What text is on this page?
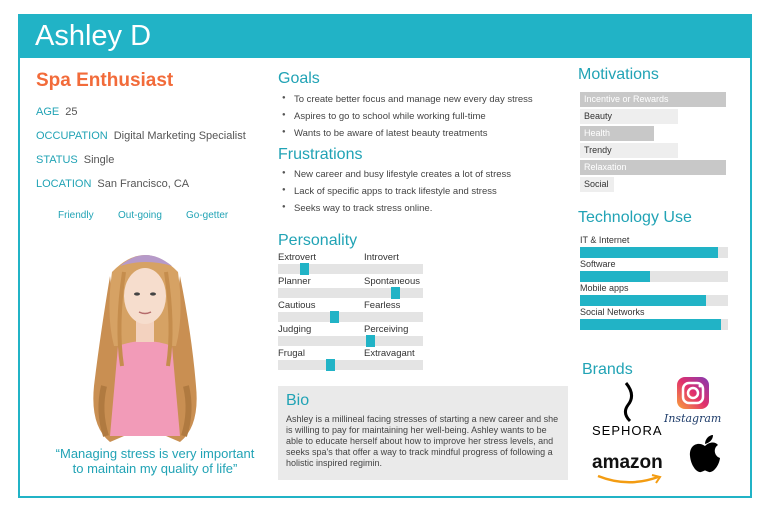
Ashley D
Spa Enthusiast
AGE 25
OCCUPATION Digital Marketing Specialist
STATUS Single
LOCATION San Francisco, CA
Friendly Out-going Go-getter
“Managing stress is very important to maintain my quality of life”
Goals
● To create better focus and manage new every day stress
● Aspires to go to school while working full-time
● Wants to be aware of latest beauty treatments
Frustrations
● New career and busy lifestyle creates a lot of stress
● Lack of specific apps to track lifestyle and stress
● Seeks way to track stress online.
Personality
Extrovert	Introvert
Planner	Spontaneous
Cautious	Fearless
Judging	Perceiving
Frugal	Extravagant
Bio

Ashley is a millineal facing stresses of starting a new career and she is willing to pay for maintaining her well-being. Ashley wants to be able to educate herself about how to improve her stress levels, and seeks spa's that offer a way to track mindful progress of following a holistic inspired regimin.

Motivations
Incentive or Rewards
Beauty
Health
Trendy
Relaxation
Social
Technology Use
IT & Internet
Software
Mobile apps
Social Networks
Brands
SEPHORA
Instagram
amazon
